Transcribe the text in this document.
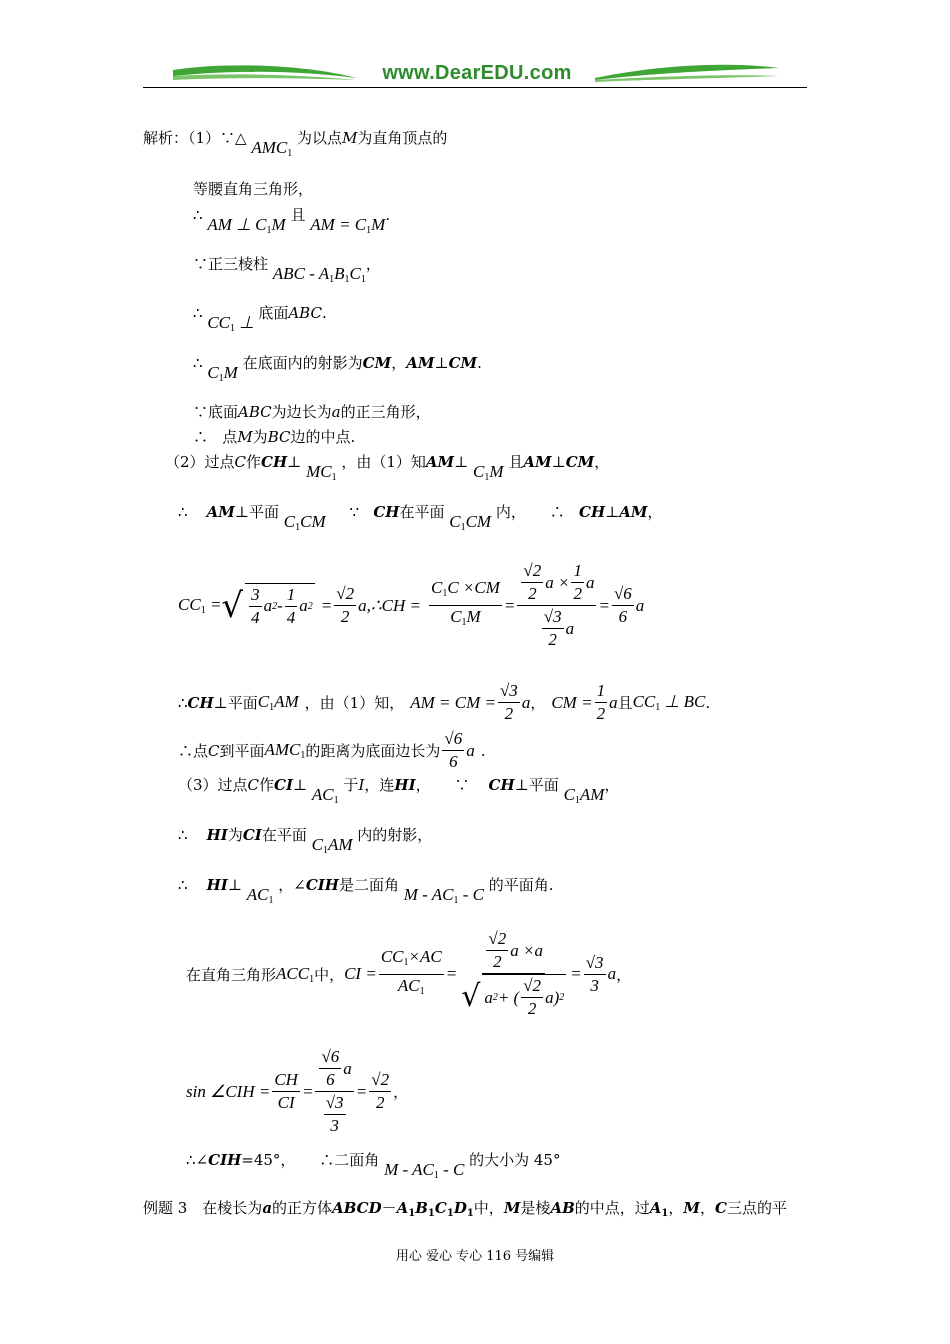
www.DearEDU.com
解析：（1）∵△ $AMC_1$ 为以点M为直角顶点的
等腰直角三角形，
∴ AM ⊥ $C_1M$ 且 AM = $C_1M$.
∵正三棱柱 ABC - $A_1B_1C_1$，
∴ $CC_1$ ⊥ 底面ABC.
∴ $C_1M$ 在底面内的射影为CM，AM⊥CM.
∵底面ABC为边长为a的正三角形，
∴   点M为BC边的中点.
（2）过点C作CH⊥ $MC_1$ ，由（1）知AM⊥ $C_1M$ 且AM⊥CM，
∴ AM⊥平面 $C_1CM$ ∵ CH在平面 $C_1CM$ 内， ∴ CH⊥AM，
$CC_1$ = √ $\frac{3}{4}$ a $2 - \frac{1}{4}$ a $2 = \frac{√2}{2}$ a,∴CH = $\frac{C_1C \times CM}{C_1M} = \frac{\frac{√2}{2} a \times \frac{1}{2} a}{\frac{√3}{2} a} = \frac{√6}{6}$ a
∴ CH ⊥平面 $C_1AM$ ，由（1）知， AM = CM = $\frac{√3}{2}$ a ， CM = $\frac{1}{2}$ a 且 $CC_1$ ⊥ BC .
∴点 C 到平面 $AMC_1$ 的距离为底面边长为 $\frac{√6}{6}$ a .
（3）过点C作CI⊥ $AC_1$ 于I，连HI， ∵ CH⊥平面 $C_1AM$，
∴ HI为CI在平面 $C_1AM$ 内的射影，
∴ HI⊥ $AC_1$ ，∠CIH是二面角 M - $AC_1$ - C 的平面角.
在直角三角形 $ACC_1$ 中， CI = $\frac{CC_1\times AC}{AC_1} = \frac{\frac{√2}{2} a \times a}{√ a 2 + ( \frac{√2}{2} a) 2} = \frac{√3}{3}$ a ，
sin ∠CIH = $\frac{CH}{CI} = \frac{\frac{√6}{6} a}{\frac{√3}{3}} = \frac{√2}{2}$ ，
∴∠CIH=45°， ∴二面角 M - $AC_1$ - C 的大小为 45°
例题 3　在棱长为a的正方体$ABCD-A_1B_1C_1D_1$中，M是棱AB的中点，过$A_1$，M，C三点的平
用心 爱心 专心 116 号编辑
